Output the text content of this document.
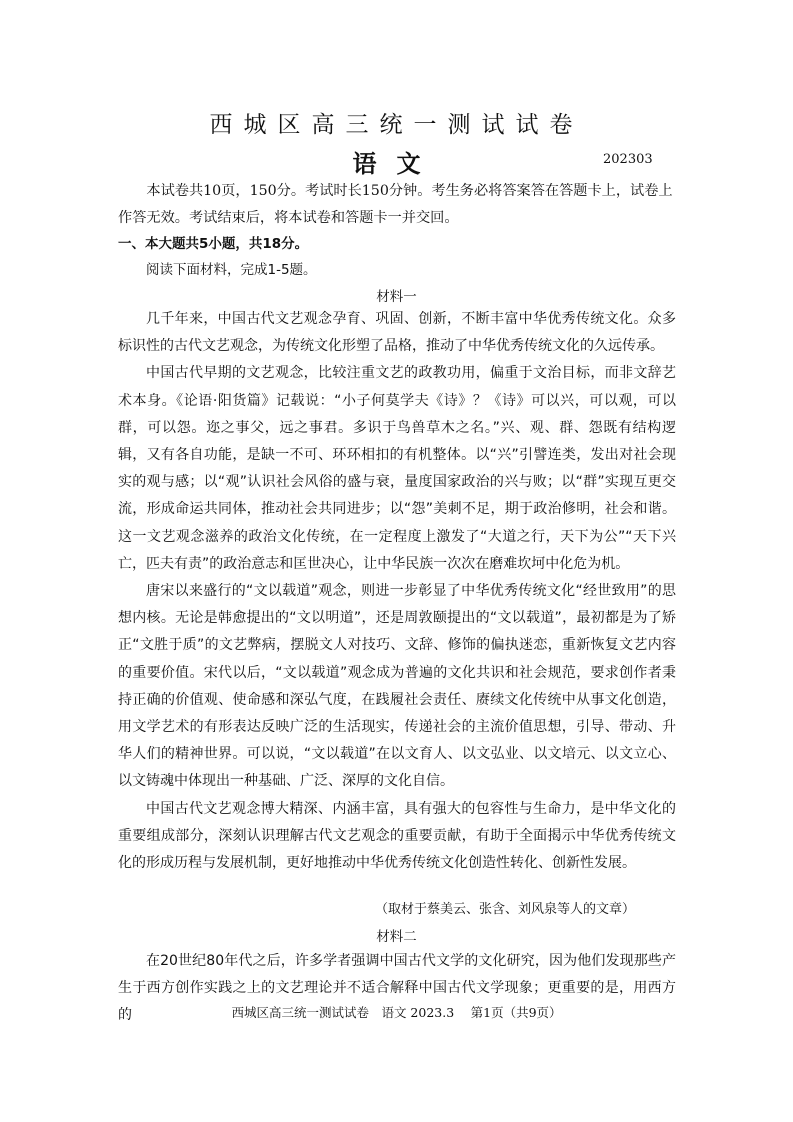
西城区高三统一测试试卷
语文	202303

本试卷共10页，150分。考试时长150分钟。考生务必将答案答在答题卡上，试卷上作答无效。考试结束后，将本试卷和答题卡一并交回。

一、本大题共5小题，共18分。
阅读下面材料，完成1-5题。
材料一

几千年来，中国古代文艺观念孕育、巩固、创新，不断丰富中华优秀传统文化。众多标识性的古代文艺观念，为传统文化形塑了品格，推动了中华优秀传统文化的久远传承。

中国古代早期的文艺观念，比较注重文艺的政教功用，偏重于文治目标，而非文辞艺术本身。《论语·阳货篇》记载说：“小子何莫学夫《诗》？《诗》可以兴，可以观，可以群，可以怨。迩之事父，远之事君。多识于鸟兽草木之名。”兴、观、群、怨既有结构逻辑，又有各自功能，是缺一不可、环环相扣的有机整体。以“兴”引譬连类，发出对社会现实的观与感；以“观”认识社会风俗的盛与衰，量度国家政治的兴与败；以“群”实现互更交流，形成命运共同体，推动社会共同进步；以“怨”美刺不足，期于政治修明，社会和谐。这一文艺观念滋养的政治文化传统，在一定程度上激发了“大道之行，天下为公”“天下兴亡，匹夫有责”的政治意志和匡世决心，让中华民族一次次在磨难坎坷中化危为机。

唐宋以来盛行的“文以载道”观念，则进一步彰显了中华优秀传统文化“经世致用”的思想内核。无论是韩愈提出的“文以明道”，还是周敦颐提出的“文以载道”，最初都是为了矫正“文胜于质”的文艺弊病，摆脱文人对技巧、文辞、修饰的偏执迷恋，重新恢复文艺内容的重要价值。宋代以后，“文以载道”观念成为普遍的文化共识和社会规范，要求创作者秉持正确的价值观、使命感和深弘气度，在践履社会责任、赓续文化传统中从事文化创造，用文学艺术的有形表达反映广泛的生活现实，传递社会的主流价值思想，引导、带动、升华人们的精神世界。可以说，“文以载道”在以文育人、以文弘业、以文培元、以文立心、以文铸魂中体现出一种基础、广泛、深厚的文化自信。

中国古代文艺观念博大精深、内涵丰富，具有强大的包容性与生命力，是中华文化的重要组成部分，深刻认识理解古代文艺观念的重要贡献，有助于全面揭示中华优秀传统文化的形成历程与发展机制，更好地推动中华优秀传统文化创造性转化、创新性发展。

（取材于蔡美云、张含、刘风泉等人的文章）
材料二

在20世纪80年代之后，许多学者强调中国古代文学的文化研究，因为他们发现那些产生于西方创作实践之上的文艺理论并不适合解释中国古代文学现象；更重要的是，用西方的	西城区高三统一测试试卷　语文 2023.3　 第1页（共9页）
